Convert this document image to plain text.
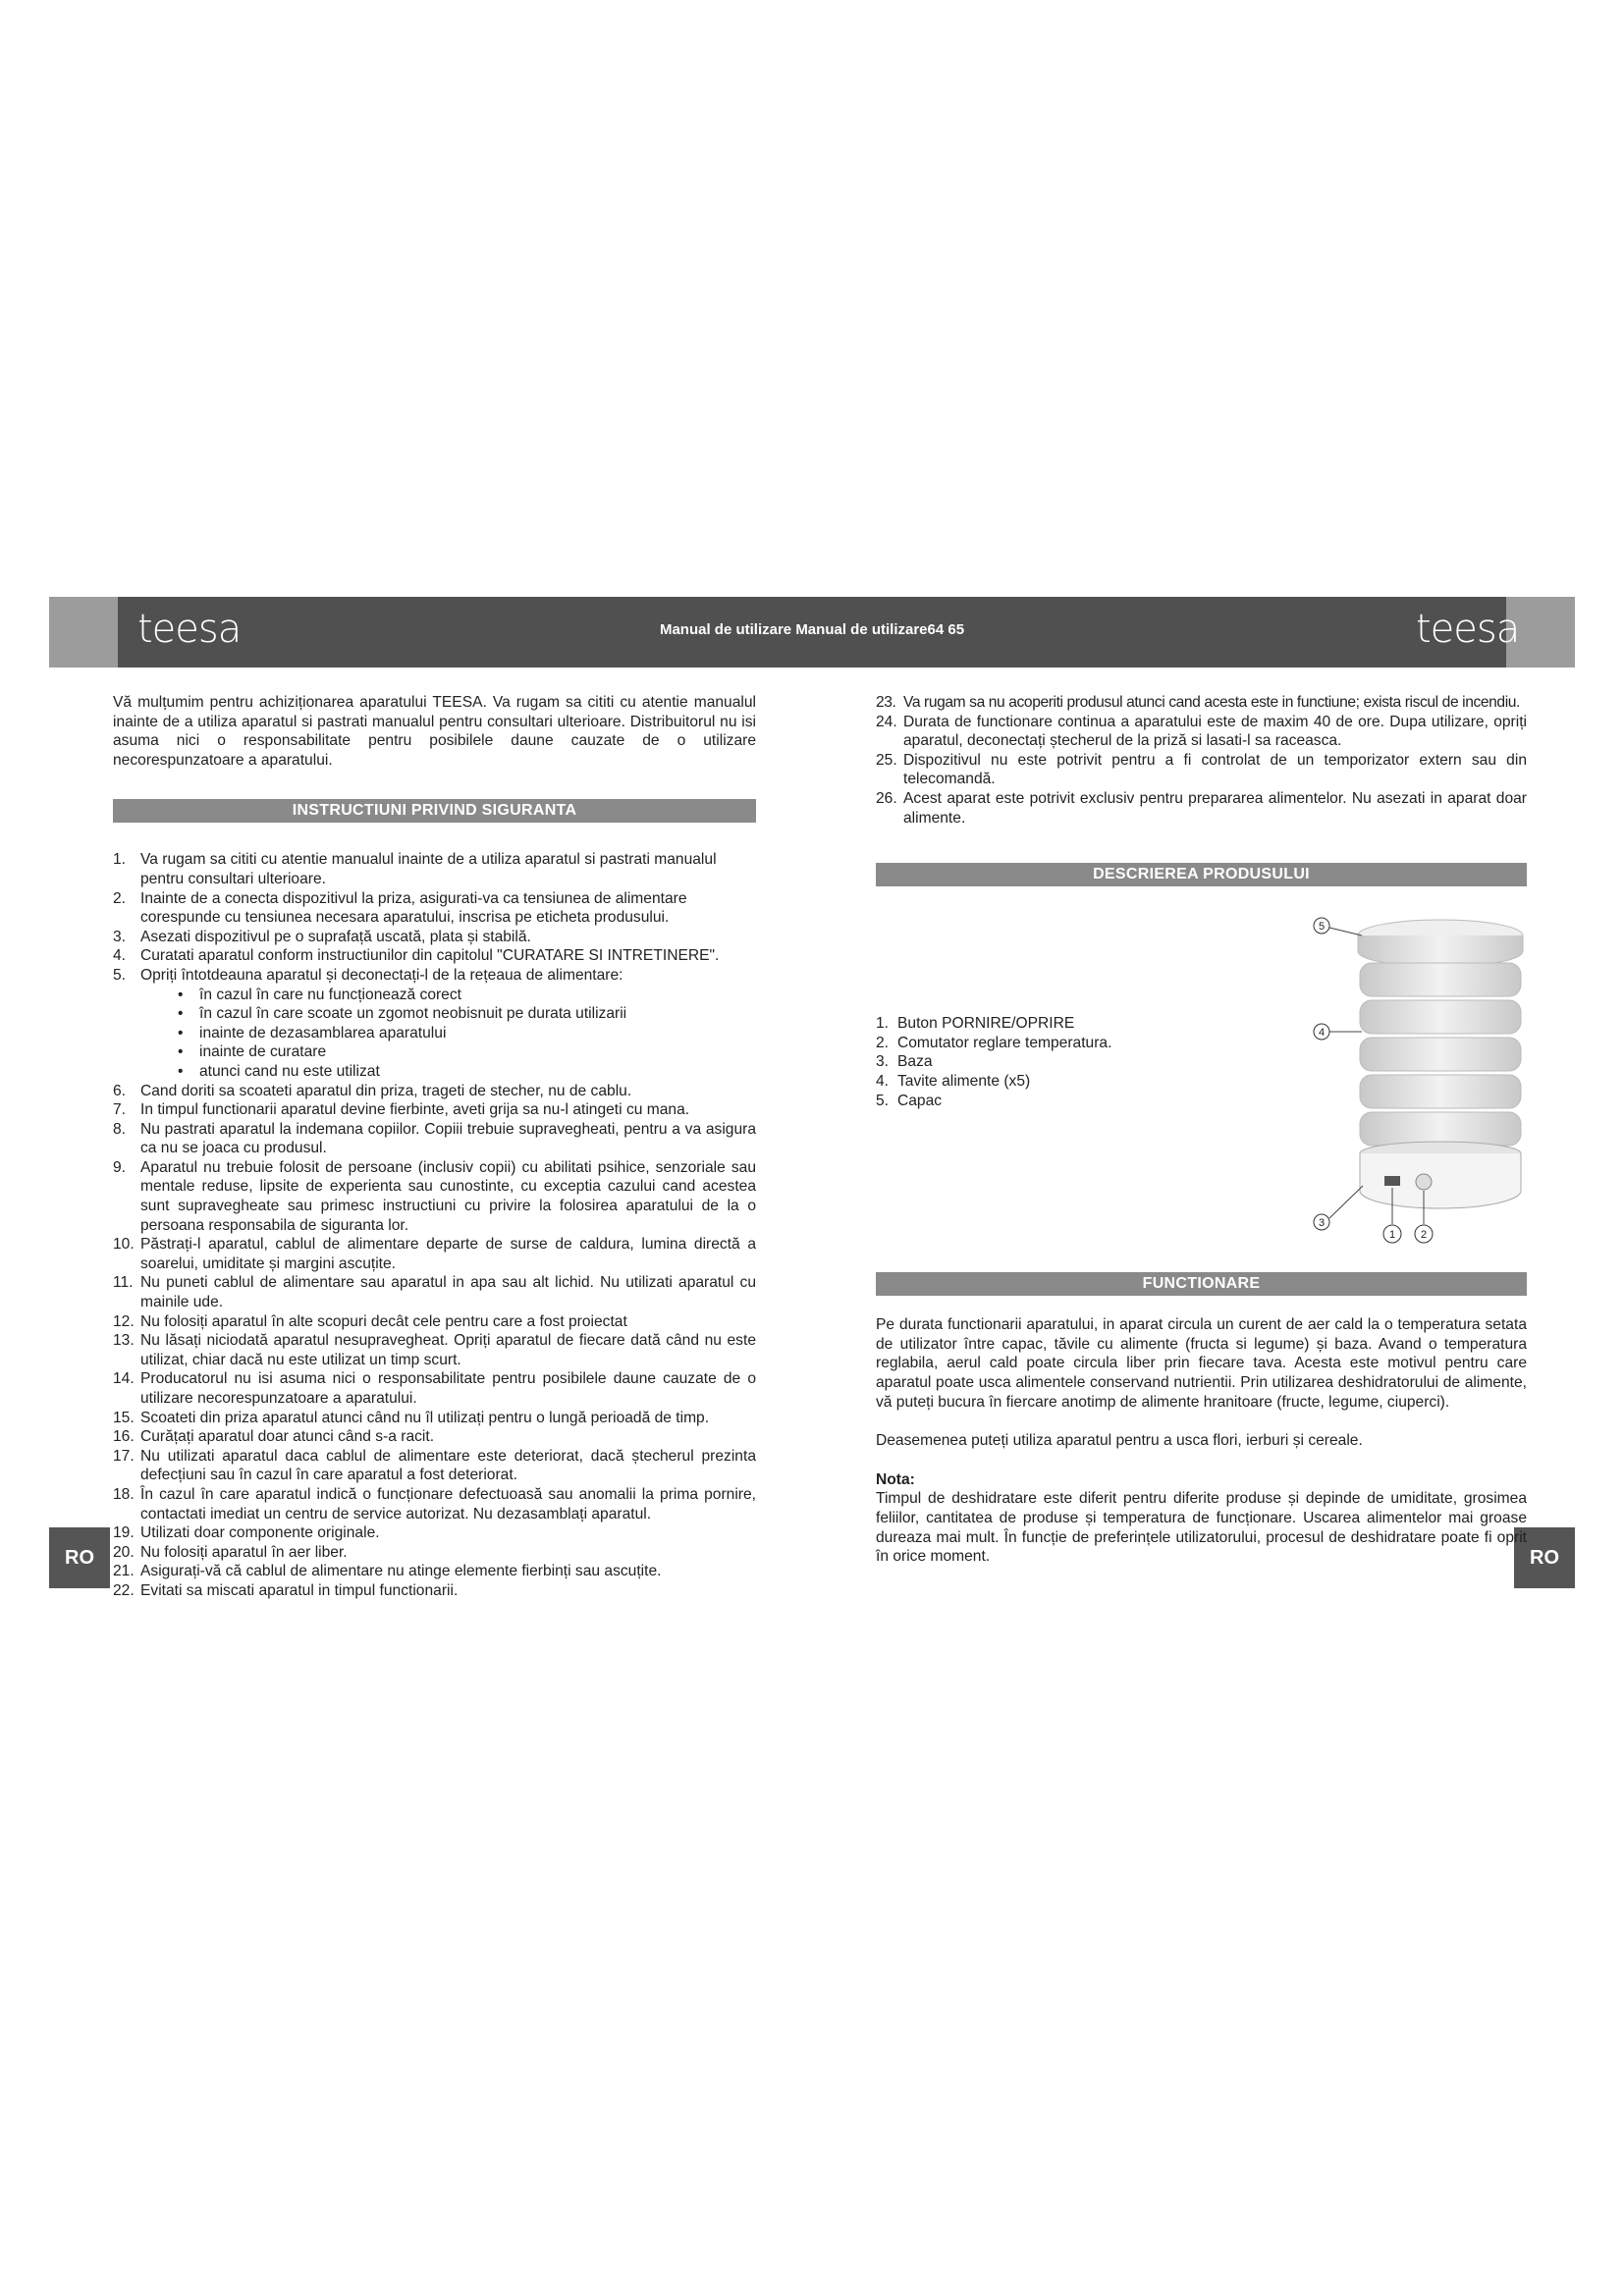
teesa	teesa
Manual de utilizare Manual de utilizare64 65
RO	RO

Vă mulțumim pentru achiziționarea aparatului TEESA. Va rugam sa cititi cu atentie manualul inainte de a utiliza aparatul si pastrati manualul pentru consultari ulterioare. Distribuitorul nu isi asuma nici o responsabilitate pentru posibilele daune cauzate de o utilizare necorespunzatoare a aparatului.

INSTRUCTIUNI PRIVIND SIGURANTA
1. Va rugam sa cititi cu atentie manualul inainte de a utiliza aparatul si pastrati manualul pentru consultari ulterioare.
2. Inainte de a conecta dispozitivul la priza, asigurati-va ca tensiunea de alimentare corespunde cu tensiunea necesara aparatului, inscrisa pe eticheta produsului.
3. Asezati dispozitivul pe o suprafață uscată, plata și stabilă.
4. Curatati aparatul conform instructiunilor din capitolul "CURATARE SI INTRETINERE".
5. Opriți întotdeauna aparatul și deconectați-l de la rețeaua de alimentare:
• în cazul în care nu funcționează corect
• în cazul în care scoate un zgomot neobisnuit pe durata utilizarii
• inainte de dezasamblarea aparatului
• inainte de curatare
• atunci cand nu este utilizat
6. Cand doriti sa scoateti aparatul din priza, trageti de stecher, nu de cablu.
7. In timpul functionarii aparatul devine fierbinte, aveti grija sa nu-l atingeti cu mana.
8. Nu pastrati aparatul la indemana copiilor. Copiii trebuie supravegheati, pentru a va asigura ca nu se joaca cu produsul.
9. Aparatul nu trebuie folosit de persoane (inclusiv copii) cu abilitati psihice, senzoriale sau mentale reduse, lipsite de experienta sau cunostinte, cu exceptia cazului cand acestea sunt supravegheate sau primesc instructiuni cu privire la folosirea aparatului de la o persoana responsabila de siguranta lor.
10. Păstrați-l aparatul, cablul de alimentare departe de surse de caldura, lumina directă a soarelui, umiditate și margini ascuțite.
11. Nu puneti cablul de alimentare sau aparatul in apa sau alt lichid. Nu utilizati aparatul cu mainile ude.
12. Nu folosiți aparatul în alte scopuri decât cele pentru care a fost proiectat
13. Nu lăsați niciodată aparatul nesupravegheat. Opriți aparatul de fiecare dată când nu este utilizat, chiar dacă nu este utilizat un timp scurt.
14. Producatorul nu isi asuma nici o responsabilitate pentru posibilele daune cauzate de o utilizare necorespunzatoare a aparatului.
15. Scoateti din priza aparatul atunci când nu îl utilizați pentru o lungă perioadă de timp.
16. Curățați aparatul doar atunci când s-a racit.
17. Nu utilizati aparatul daca cablul de alimentare este deteriorat, dacă ștecherul prezinta defecțiuni sau în cazul în care aparatul a fost deteriorat.
18. În cazul în care aparatul indică o funcționare defectuoasă sau anomalii la prima pornire, contactati imediat un centru de service autorizat. Nu dezasamblați aparatul.
19. Utilizati doar componente originale.
20. Nu folosiți aparatul în aer liber.
21. Asigurați-vă că cablul de alimentare nu atinge elemente fierbinți sau ascuțite.
22. Evitati sa miscati aparatul in timpul functionarii.
23. Va rugam sa nu acoperiti produsul atunci cand acesta este in functiune; exista riscul de incendiu.
24. Durata de functionare continua a aparatului este de maxim 40 de ore. Dupa utilizare, opriți aparatul, deconectați ștecherul de la priză si lasati-l sa raceasca.
25. Dispozitivul nu este potrivit pentru a fi controlat de un temporizator extern sau din telecomandă.
26. Acest aparat este potrivit exclusiv pentru prepararea alimentelor. Nu asezati in aparat doar alimente.
DESCRIEREA PRODUSULUI
1. Buton PORNIRE/OPRIRE
2. Comutator reglare temperatura.
3. Baza
4. Tavite alimente (x5)
5. Capac
5
4
3
1 2
FUNCTIONARE

Pe durata functionarii aparatului, in aparat circula un curent de aer cald la o temperatura setata de utilizator între capac, tăvile cu alimente (fructa si legume) și baza. Avand o temperatura reglabila, aerul cald poate circula liber prin fiecare tava. Acesta este motivul pentru care aparatul poate usca alimentele conservand nutrientii. Prin utilizarea deshidratorului de alimente, vă puteți bucura în fiercare anotimp de alimente hranitoare (fructe, legume, ciuperci).

Deasemenea puteți utiliza aparatul pentru a usca flori, ierburi și cereale.

Nota:

Timpul de deshidratare este diferit pentru diferite produse și depinde de umiditate, grosimea feliilor, cantitatea de produse și temperatura de funcționare. Uscarea alimentelor mai groase dureaza mai mult. În funcție de preferințele utilizatorului, procesul de deshidratare poate fi oprit în orice moment.
